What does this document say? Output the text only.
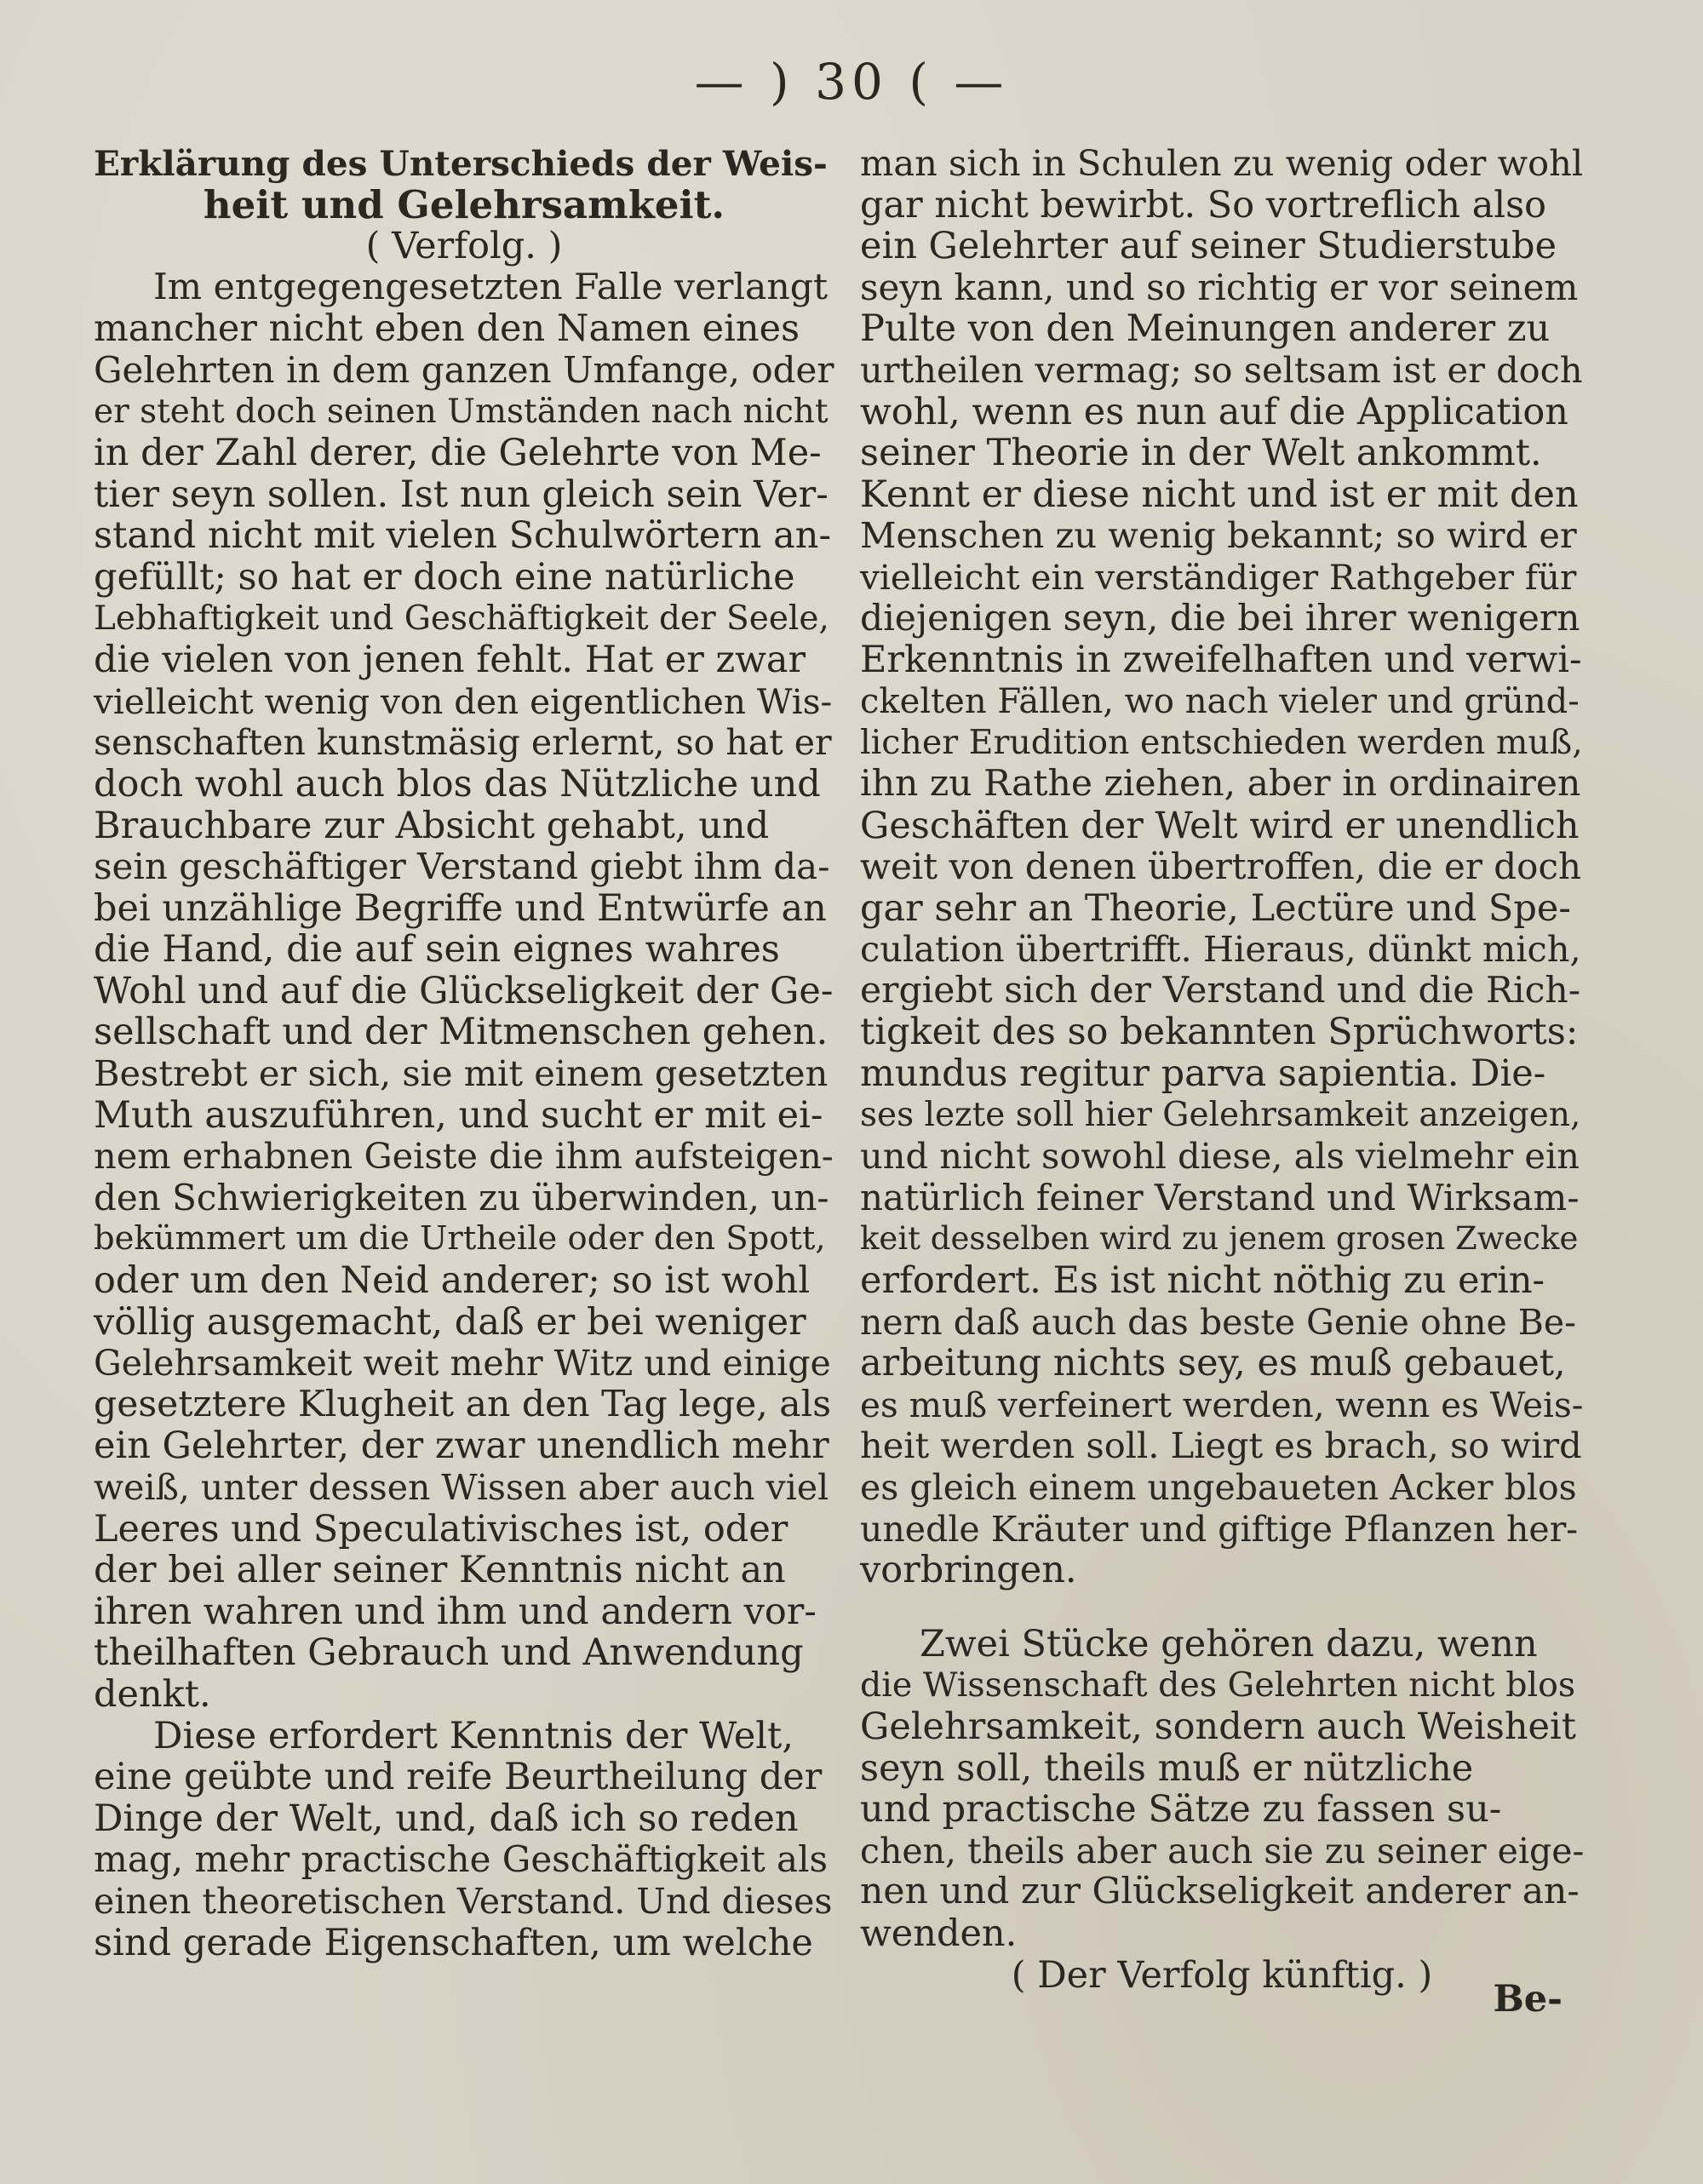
— ) 30 ( —
Erklärung des Unterschieds der Weis-
heit und Gelehrsamkeit.
( Verfolg. )
Im entgegengesetzten Falle verlangt
mancher nicht eben den Namen eines
Gelehrten in dem ganzen Umfange, oder
er steht doch seinen Umständen nach nicht
in der Zahl derer, die Gelehrte von Me-
tier seyn sollen. Ist nun gleich sein Ver-
stand nicht mit vielen Schulwörtern an-
gefüllt; so hat er doch eine natürliche
Lebhaftigkeit und Geschäftigkeit der Seele,
die vielen von jenen fehlt. Hat er zwar
vielleicht wenig von den eigentlichen Wis-
senschaften kunstmäsig erlernt, so hat er
doch wohl auch blos das Nützliche und
Brauchbare zur Absicht gehabt, und
sein geschäftiger Verstand giebt ihm da-
bei unzählige Begriffe und Entwürfe an
die Hand, die auf sein eignes wahres
Wohl und auf die Glückseligkeit der Ge-
sellschaft und der Mitmenschen gehen.
Bestrebt er sich, sie mit einem gesetzten
Muth auszuführen, und sucht er mit ei-
nem erhabnen Geiste die ihm aufsteigen-
den Schwierigkeiten zu überwinden, un-
bekümmert um die Urtheile oder den Spott,
oder um den Neid anderer; so ist wohl
völlig ausgemacht, daß er bei weniger
Gelehrsamkeit weit mehr Witz und einige
gesetztere Klugheit an den Tag lege, als
ein Gelehrter, der zwar unendlich mehr
weiß, unter dessen Wissen aber auch viel
Leeres und Speculativisches ist, oder
der bei aller seiner Kenntnis nicht an
ihren wahren und ihm und andern vor-
theilhaften Gebrauch und Anwendung
denkt.
Diese erfordert Kenntnis der Welt,
eine geübte und reife Beurtheilung der
Dinge der Welt, und, daß ich so reden
mag, mehr practische Geschäftigkeit als
einen theoretischen Verstand. Und dieses
sind gerade Eigenschaften, um welche
man sich in Schulen zu wenig oder wohl
gar nicht bewirbt. So vortreflich also
ein Gelehrter auf seiner Studierstube
seyn kann, und so richtig er vor seinem
Pulte von den Meinungen anderer zu
urtheilen vermag; so seltsam ist er doch
wohl, wenn es nun auf die Application
seiner Theorie in der Welt ankommt.
Kennt er diese nicht und ist er mit den
Menschen zu wenig bekannt; so wird er
vielleicht ein verständiger Rathgeber für
diejenigen seyn, die bei ihrer wenigern
Erkenntnis in zweifelhaften und verwi-
ckelten Fällen, wo nach vieler und gründ-
licher Erudition entschieden werden muß,
ihn zu Rathe ziehen, aber in ordinairen
Geschäften der Welt wird er unendlich
weit von denen übertroffen, die er doch
gar sehr an Theorie, Lectüre und Spe-
culation übertrifft. Hieraus, dünkt mich,
ergiebt sich der Verstand und die Rich-
tigkeit des so bekannten Sprüchworts:
mundus regitur parva sapientia. Die-
ses lezte soll hier Gelehrsamkeit anzeigen,
und nicht sowohl diese, als vielmehr ein
natürlich feiner Verstand und Wirksam-
keit desselben wird zu jenem grosen Zwecke
erfordert. Es ist nicht nöthig zu erin-
nern daß auch das beste Genie ohne Be-
arbeitung nichts sey, es muß gebauet,
es muß verfeinert werden, wenn es Weis-
heit werden soll. Liegt es brach, so wird
es gleich einem ungebaueten Acker blos
unedle Kräuter und giftige Pflanzen her-
vorbringen.
Zwei Stücke gehören dazu, wenn
die Wissenschaft des Gelehrten nicht blos
Gelehrsamkeit, sondern auch Weisheit
seyn soll, theils muß er nützliche
und practische Sätze zu fassen su-
chen, theils aber auch sie zu seiner eige-
nen und zur Glückseligkeit anderer an-
wenden.
( Der Verfolg künftig. )
Be-
